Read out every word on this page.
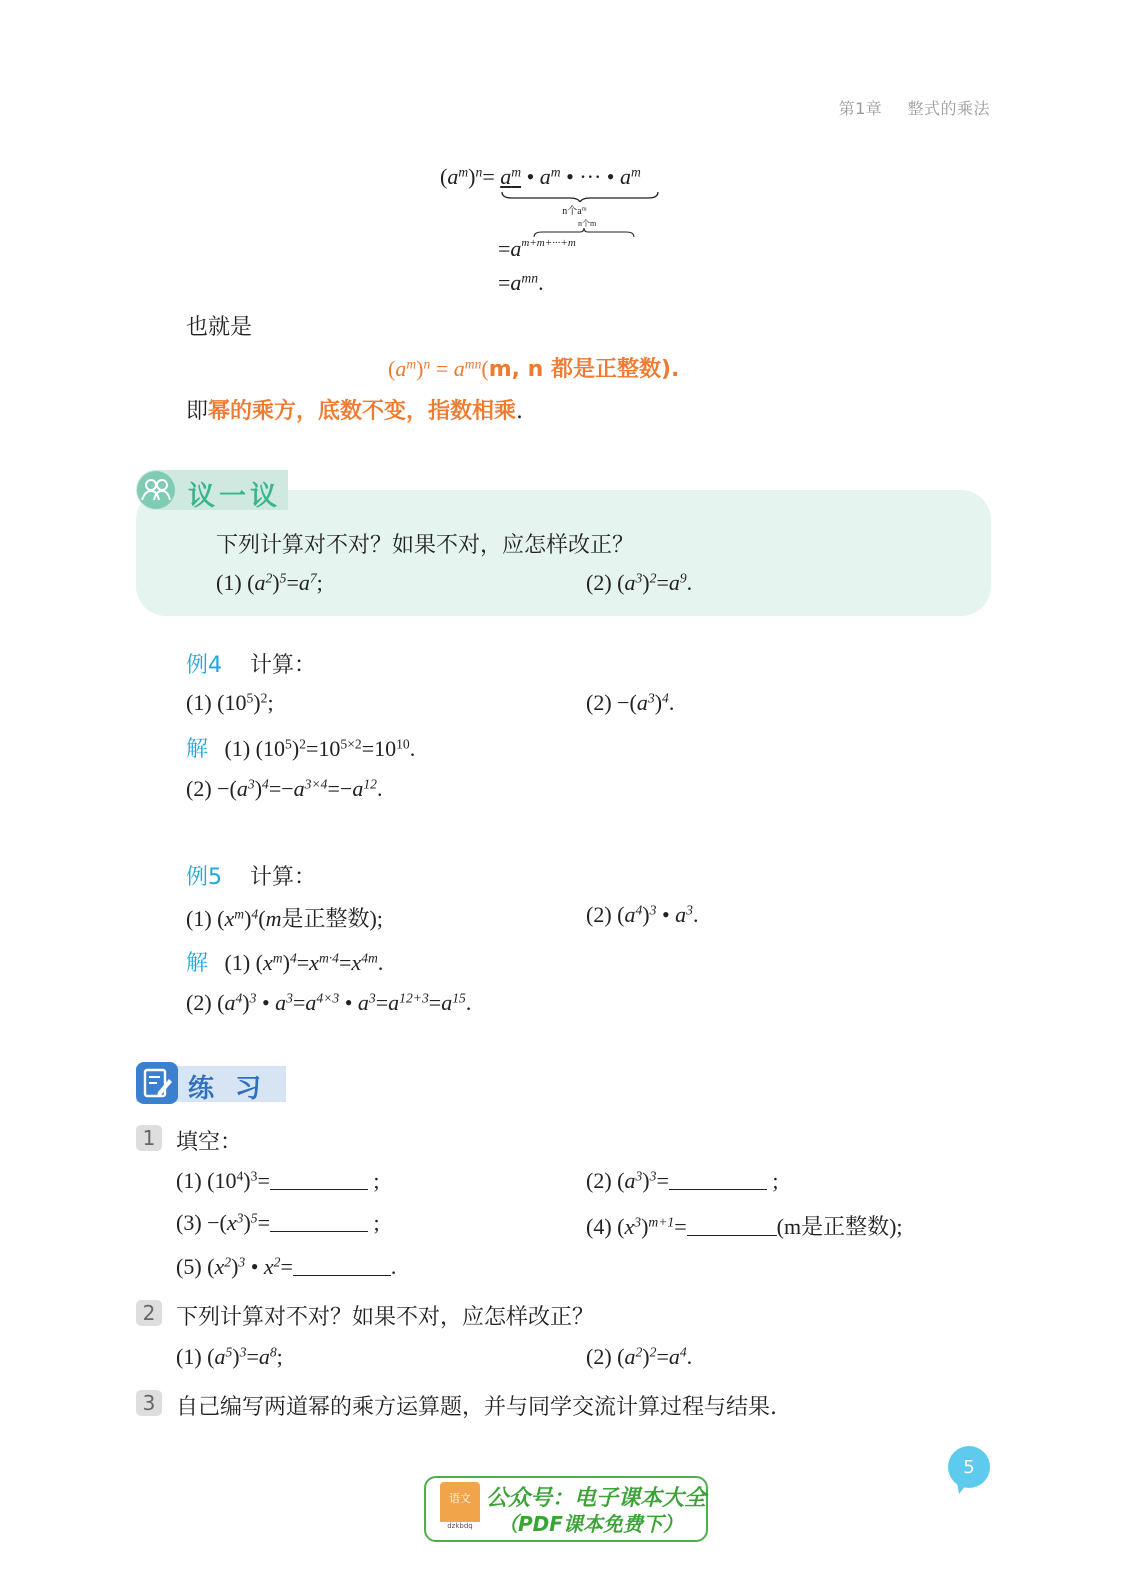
第1章 整式的乘法
$(a^m)^n= a^m$ • $a^m$ • ··· • $a^m$
n个$a^m$
$=a^{m+m+\cdot\cdot\cdot+m}$
n个m
$=a^{mn}$.
也就是
$(a^m)^n = a^{mn}(m$, n 都是正整数).
即幂的乘方，底数不变，指数相乘.
议一议
下列计算对不对？如果不对，应怎样改正？
(1) $(a^2)^5=a^7$;	(2) $(a^3)^2=a^9$.
例4 计算：
(1) $(10^5)^2$;	$(2) -(a^3)^4$.
解   (1) $(10^5)^2=10^{5\times 2}=10^{10}$.
$(2) -(a^3)^4=-a^{3\times 4}=-a^{12}$.
例5 计算：
(1) $(x^m)^4(m$是正整数);	(2) $(a^4)^3$ • $a^3$.
解   (1) $(x^m)^4=x^{m\cdot 4}=x^{4m}$.
(2) $(a^4)^3$ • $a^3=a^{4\times 3}$ • $a^3=a^{12+3}=a^{15}$.
练 习
1 填空：
(1) $(10^4)^3=$	;	(2) $(a^3)^3=$	;
$(3) -(x^3)^5=$	;	(4) $(x^3)^{m+1}=$	(m是正整数);
(5) $(x^2)^3$ • $x^2=$	.
2 下列计算对不对？如果不对，应怎样改正？
(1) $(a^5)^3=a^8$;	(2) $(a^2)^2=a^4$.
3 自己编写两道幂的乘方运算题，并与同学交流计算过程与结果.
5
语文
dzkbdq
公众号：电子课本大全
（PDF课本免费下）
